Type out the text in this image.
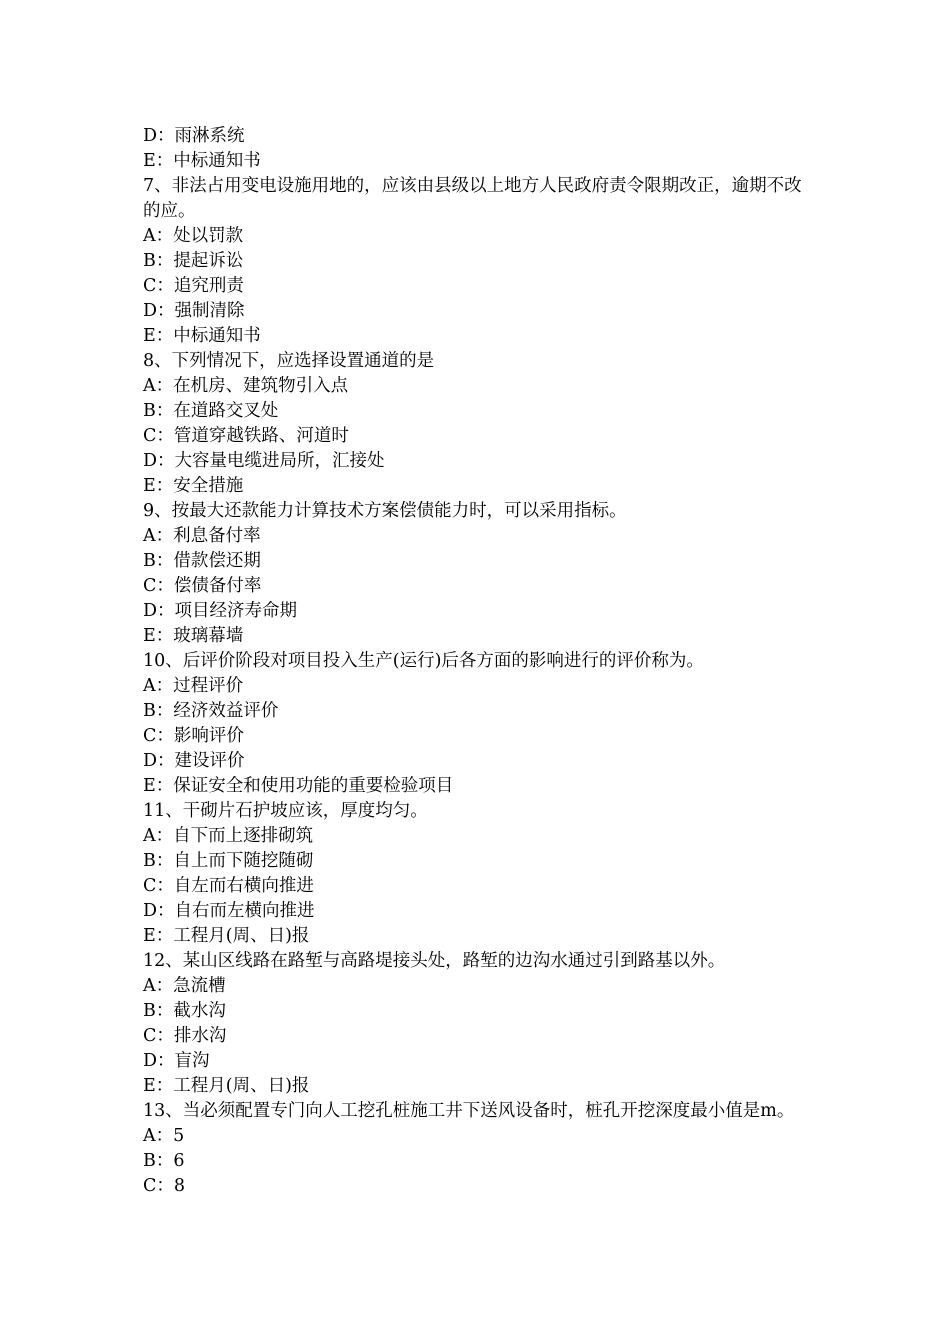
D：雨淋系统
E：中标通知书
7、非法占用变电设施用地的，应该由县级以上地方人民政府责令限期改正，逾期不改的应。
A：处以罚款
B：提起诉讼
C：追究刑责
D：强制清除
E：中标通知书
8、下列情况下，应选择设置通道的是
A：在机房、建筑物引入点
B：在道路交叉处
C：管道穿越铁路、河道时
D：大容量电缆进局所，汇接处
E：安全措施
9、按最大还款能力计算技术方案偿债能力时，可以采用指标。
A：利息备付率
B：借款偿还期
C：偿债备付率
D：项目经济寿命期
E：玻璃幕墙
10、后评价阶段对项目投入生产(运行)后各方面的影响进行的评价称为。
A：过程评价
B：经济效益评价
C：影响评价
D：建设评价
E：保证安全和使用功能的重要检验项目
11、干砌片石护坡应该，厚度均匀。
A：自下而上逐排砌筑
B：自上而下随挖随砌
C：自左而右横向推进
D：自右而左横向推进
E：工程月(周、日)报
12、某山区线路在路堑与高路堤接头处，路堑的边沟水通过引到路基以外。
A：急流槽
B：截水沟
C：排水沟
D：盲沟
E：工程月(周、日)报
13、当必须配置专门向人工挖孔桩施工井下送风设备时，桩孔开挖深度最小值是m。
A：5
B：6
C：8
